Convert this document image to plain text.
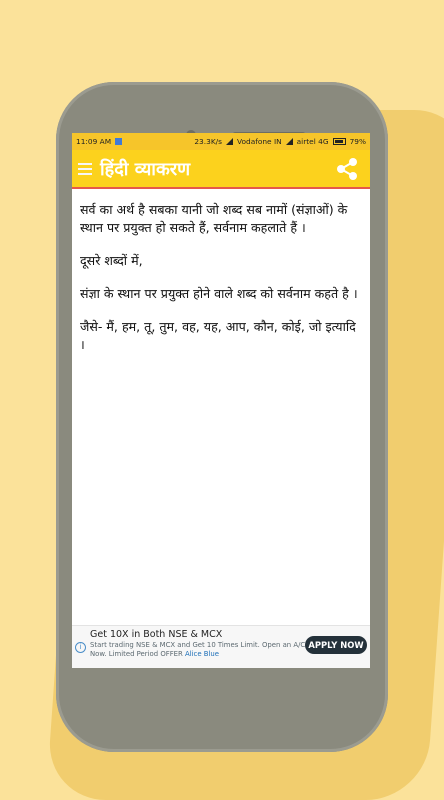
11:09 AM	23.3K/s Vodafone IN airtel 4G	79%
हिंदी व्याकरण

सर्व का अर्थ है सबका यानी जो शब्द सब नामों (संज्ञाओं) के स्थान पर प्रयुक्त हो सकते हैं, सर्वनाम कहलाते हैं ।

दूसरे शब्दों में,

संज्ञा के स्थान पर प्रयुक्त होने वाले शब्द को सर्वनाम कहते है ।

जैसे- मैं, हम, तू, तुम, वह, यह, आप, कौन, कोई, जो इत्यादि ।

Get 10X in Both NSE & MCX
i	Start trading NSE & MCX and Get 10 Times Limit. Open an A/C Now. Limited Period OFFER Alice Blue
APPLY NOW
